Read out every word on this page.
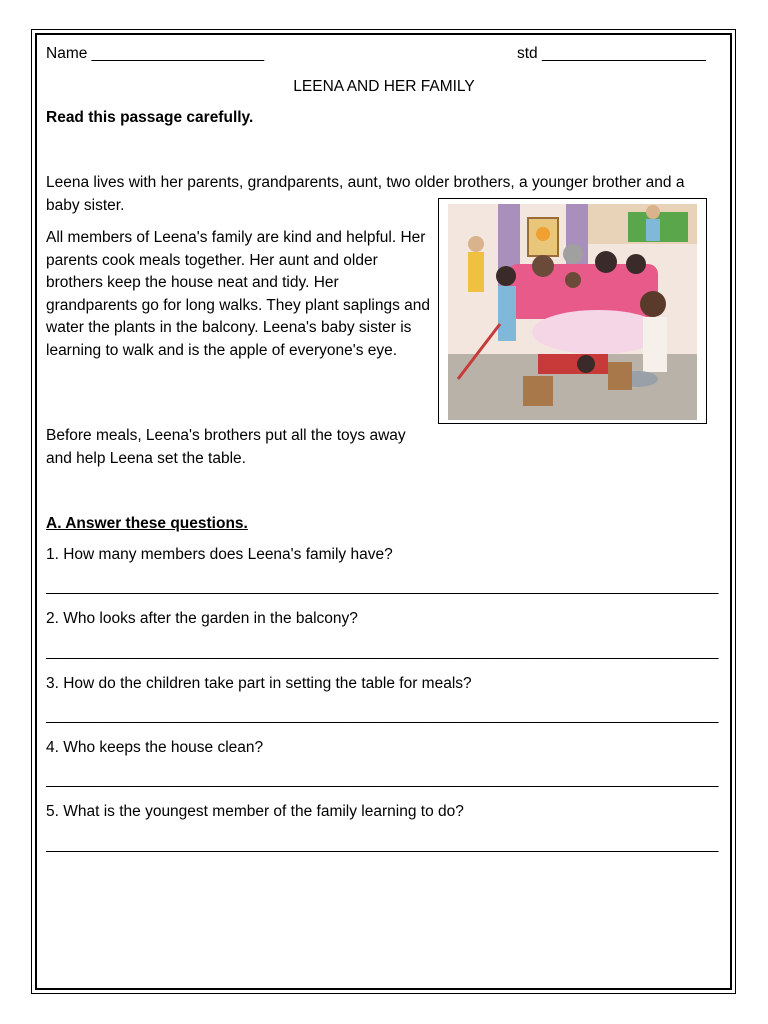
Name ____________________	std ___________________
LEENA AND HER FAMILY
Read this passage carefully.
Leena lives with her parents, grandparents, aunt, two older brothers, a younger brother and a baby sister.
All members of Leena's family are kind and helpful. Her parents cook meals together. Her aunt and older brothers keep the house neat and tidy. Her grandparents go for long walks. They plant saplings and water the plants in the balcony. Leena's baby sister is learning to walk and is the apple of everyone's eye.
Before meals, Leena's brothers put all the toys away and help Leena set the table.
A. Answer these questions.
1. How many members does Leena's family have?
______________________________________________________________________________
2. Who looks after the garden in the balcony?
______________________________________________________________________________
3. How do the children take part in setting the table for meals?
______________________________________________________________________________
4. Who keeps the house clean?
______________________________________________________________________________
5. What is the youngest member of the family learning to do?
______________________________________________________________________________
